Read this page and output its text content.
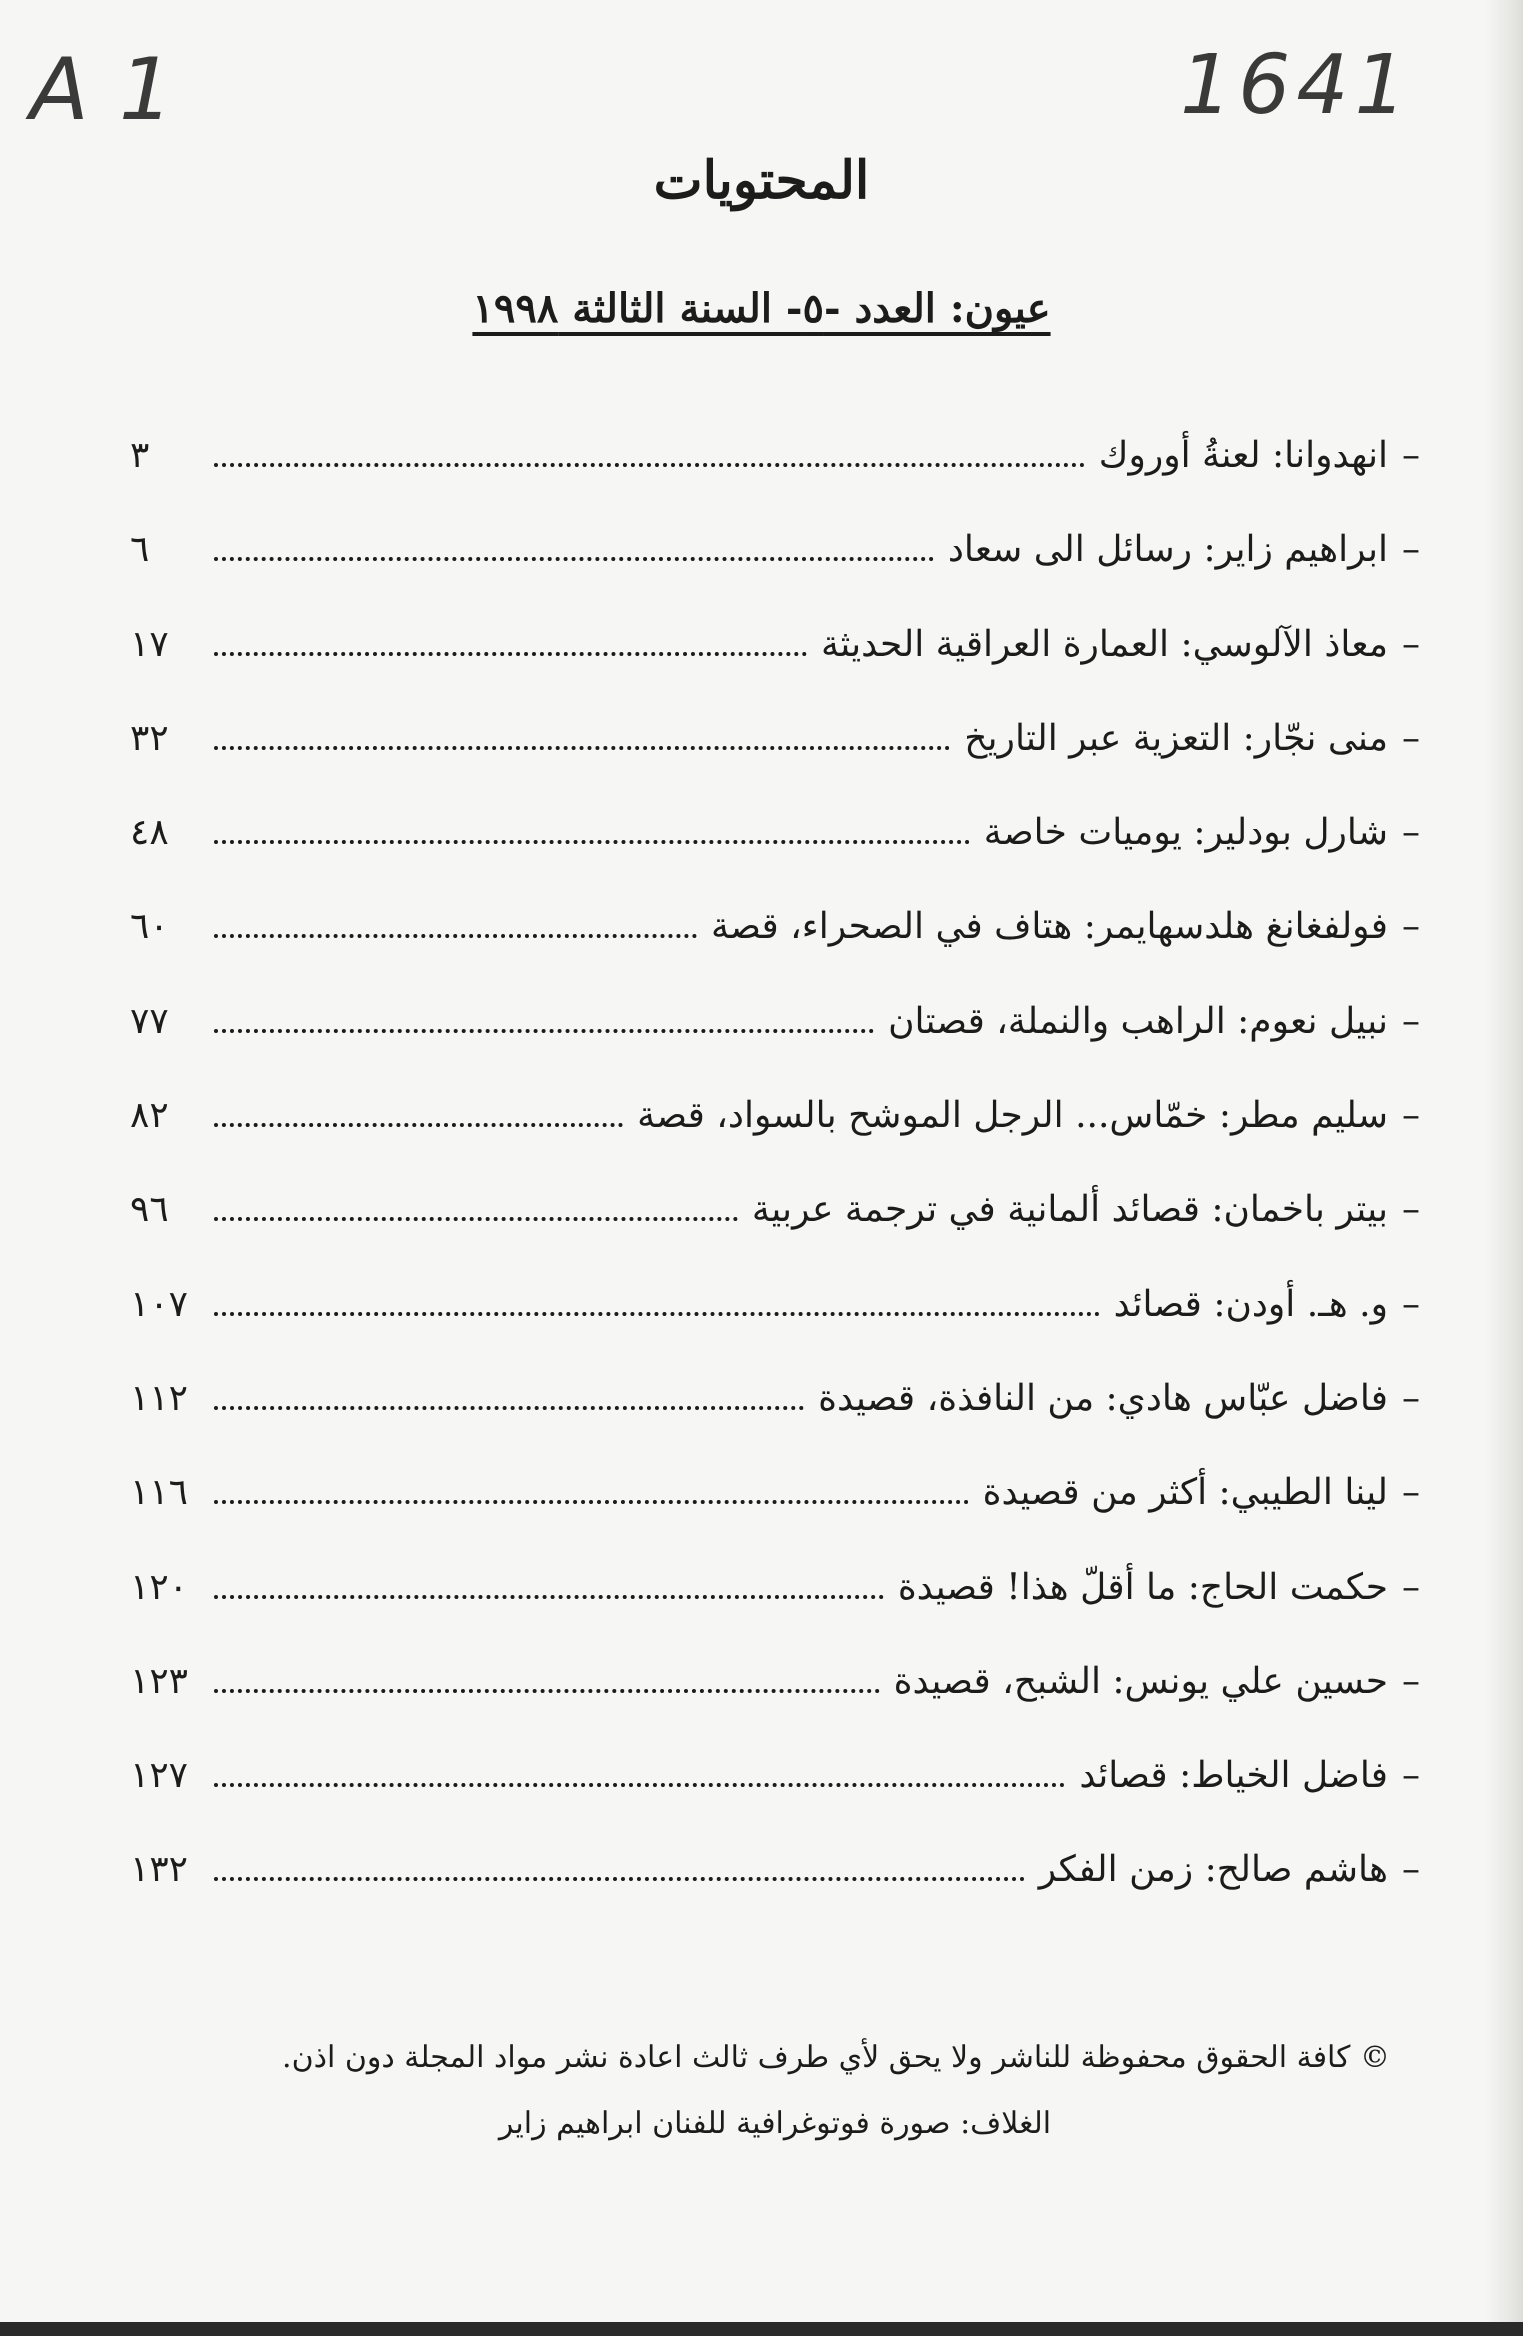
A1	1641
المحتويات
عيون: العدد -٥- السنة الثالثة ١٩٩٨
–
انهدوانا: لعنةُ أوروك
٣
–
ابراهيم زاير: رسائل الى سعاد
٦
–
معاذ الآلوسي: العمارة العراقية الحديثة
١٧
–
منى نجّار: التعزية عبر التاريخ
٣٢
–
شارل بودلير: يوميات خاصة
٤٨
–
فولفغانغ هلدسهايمر: هتاف في الصحراء، قصة
٦٠
–
نبيل نعوم: الراهب والنملة، قصتان
٧٧
–
سليم مطر: خمّاس... الرجل الموشح بالسواد، قصة
٨٢
–
بيتر باخمان: قصائد ألمانية في ترجمة عربية
٩٦
–
و. هـ. أودن: قصائد
١٠٧
–
فاضل عبّاس هادي: من النافذة، قصيدة
١١٢
–
لينا الطيبي: أكثر من قصيدة
١١٦
–
حكمت الحاج: ما أقلّ هذا! قصيدة
١٢٠
–
حسين علي يونس: الشبح، قصيدة
١٢٣
–
فاضل الخياط: قصائد
١٢٧
–
هاشم صالح: زمن الفكر
١٣٢
© كافة الحقوق محفوظة للناشر ولا يحق لأي طرف ثالث اعادة نشر مواد المجلة دون اذن.
الغلاف: صورة فوتوغرافية للفنان ابراهيم زاير
